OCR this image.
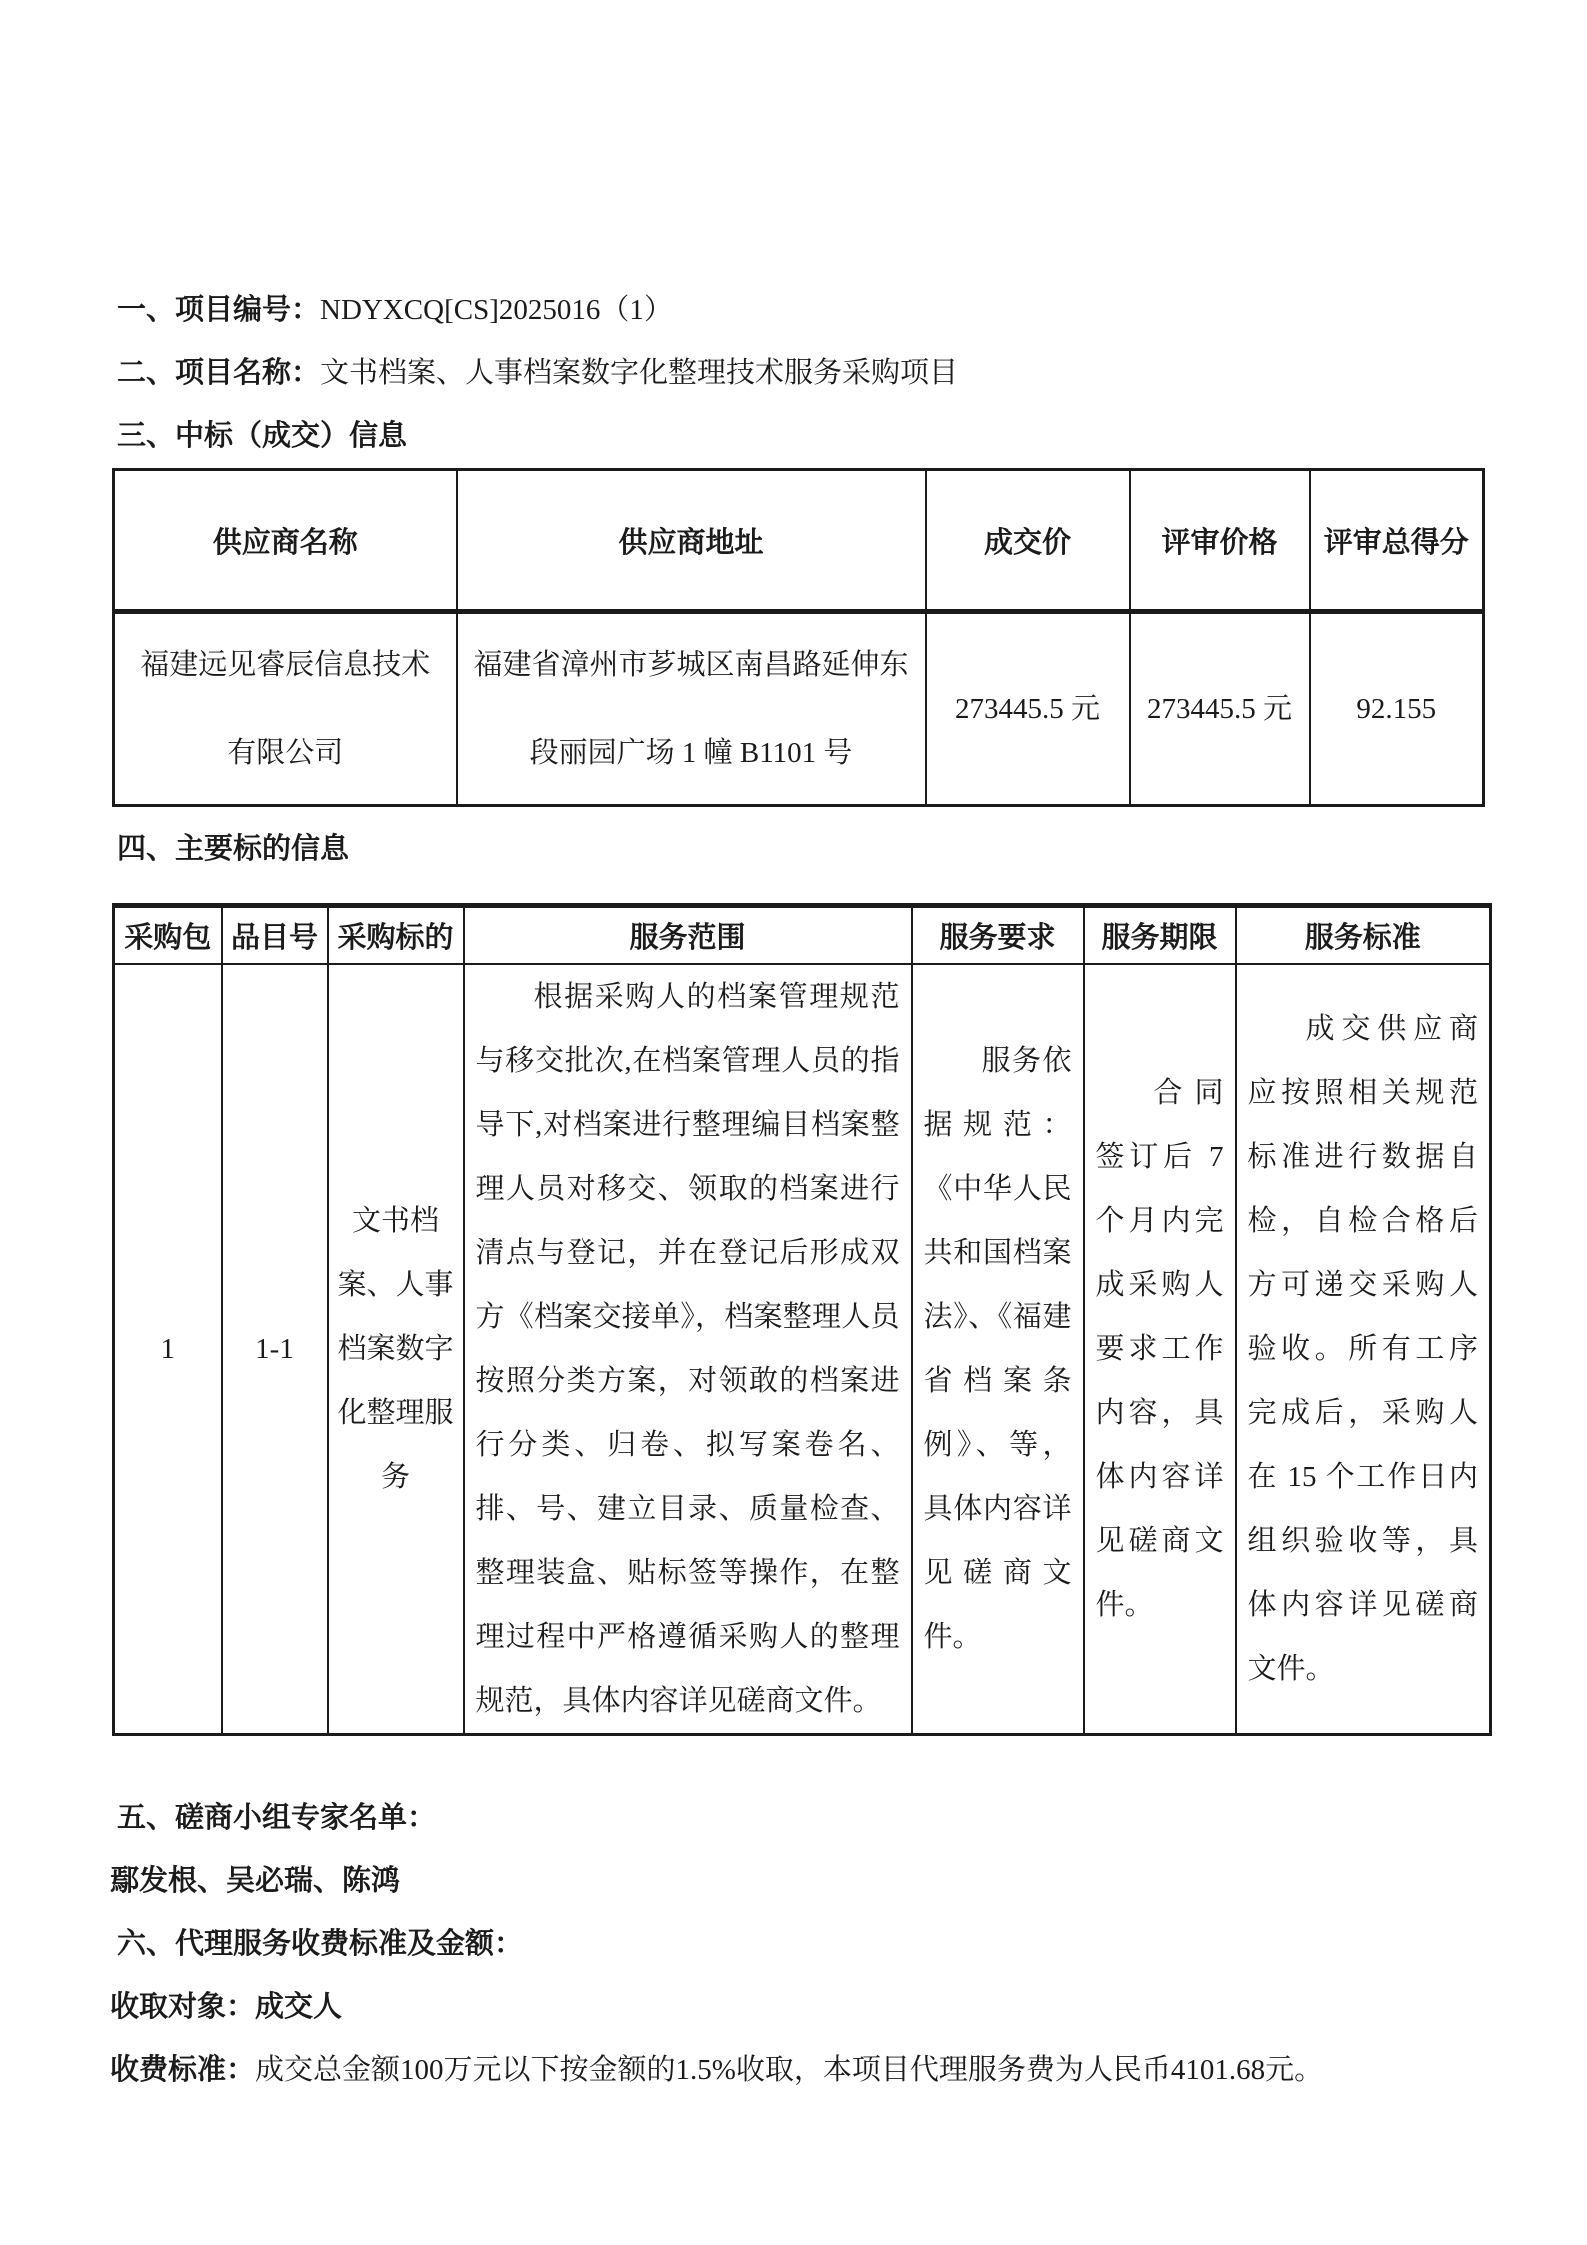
一、项目编号：NDYXCQ[CS]2025016（1）

二、项目名称：文书档案、人事档案数字化整理技术服务采购项目

三、中标（成交）信息

供应商名称	供应商地址	成交价	评审价格	评审总得分

福建远见睿辰信息技术有限公司	福建省漳州市芗城区南昌路延伸东段丽园广场 1 幢 B1101 号	273445.5 元	273445.5 元	92.155

四、主要标的信息

采购包	品目号	采购标的	服务范围	服务要求	服务期限	服务标准
1	1-1	文书档案、人事档案数字化整理服务	根据采购人的档案管理规范与移交批次,在档案管理人员的指导下,对档案进行整理编目档案整理人员对移交、领取的档案进行清点与登记，并在登记后形成双方《档案交接单》，档案整理人员按照分类方案，对领敢的档案进行分类、归卷、拟写案卷名、排、号、建立目录、质量检查、整理装盒、贴标签等操作，在整理过程中严格遵循采购人的整理规范，具体内容详见磋商文件。	服务依据规范：《中华人民共和国档案法》、《福建省档案条例》、等，具体内容详见磋商文件。	合同签订后 7 个月内完成采购人要求工作内容，具体内容详见磋商文件。	成交供应商应按照相关规范标准进行数据自检，自检合格后方可递交采购人验收。所有工序完成后，采购人在 15 个工作日内组织验收等，具体内容详见磋商文件。

五、磋商小组专家名单：

鄢发根、吴必瑞、陈鸿

六、代理服务收费标准及金额：

收取对象：成交人

收费标准：成交总金额100万元以下按金额的1.5%收取，本项目代理服务费为人民币4101.68元。
